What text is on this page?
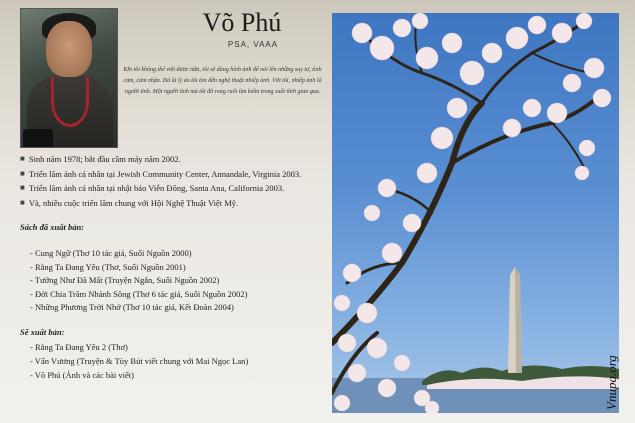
Võ Phú
PSA, VAAA
Khi tôi không thể viết được nữa, tôi sẽ dùng hình ảnh để nói lên những suy tư, tình cảm, cảm nhận. Đó là lý do tôi tìm đến nghệ thuật nhiếp ảnh. Với tôi, nhiếp ảnh là người tình. Một người tình mà tôi đã rong ruổi tìm kiếm trong suốt thời gian qua.
■ Sinh năm 1978; bắt đầu cầm máy năm 2002.
■ Triển lãm ảnh cá nhân tại Jewish Community Center, Annandale, Virginia 2003.
■ Triển lãm ảnh cá nhân tại nhật báo Viễn Đông, Santa Ana, California 2003.
■ Và, nhiều cuộc triển lãm chung với Hội Nghệ Thuật Việt Mỹ.
Sách đã xuất bản:
- Cung Ngữ (Thơ 10 tác giả, Suối Nguồn 2000)
- Rằng Ta Đang Yêu (Thơ, Suối Nguồn 2001)
- Tưởng Như Đã Mất (Truyện Ngắn, Suối Nguồn 2002)
- Đời Chia Trăm Nhánh Sông (Thơ 6 tác giả, Suối Nguồn 2002)
- Những Phương Trời Nhớ (Thơ 10 tác giả, Kết Đoàn 2004)
Sẽ xuất bản:
- Rằng Ta Đang Yêu 2 (Thơ)
- Vấn Vương (Truyện & Tùy Bút viết chung với Mai Ngọc Lan)
- Võ Phú (Ảnh và các bài viết)	Vnupa.org
